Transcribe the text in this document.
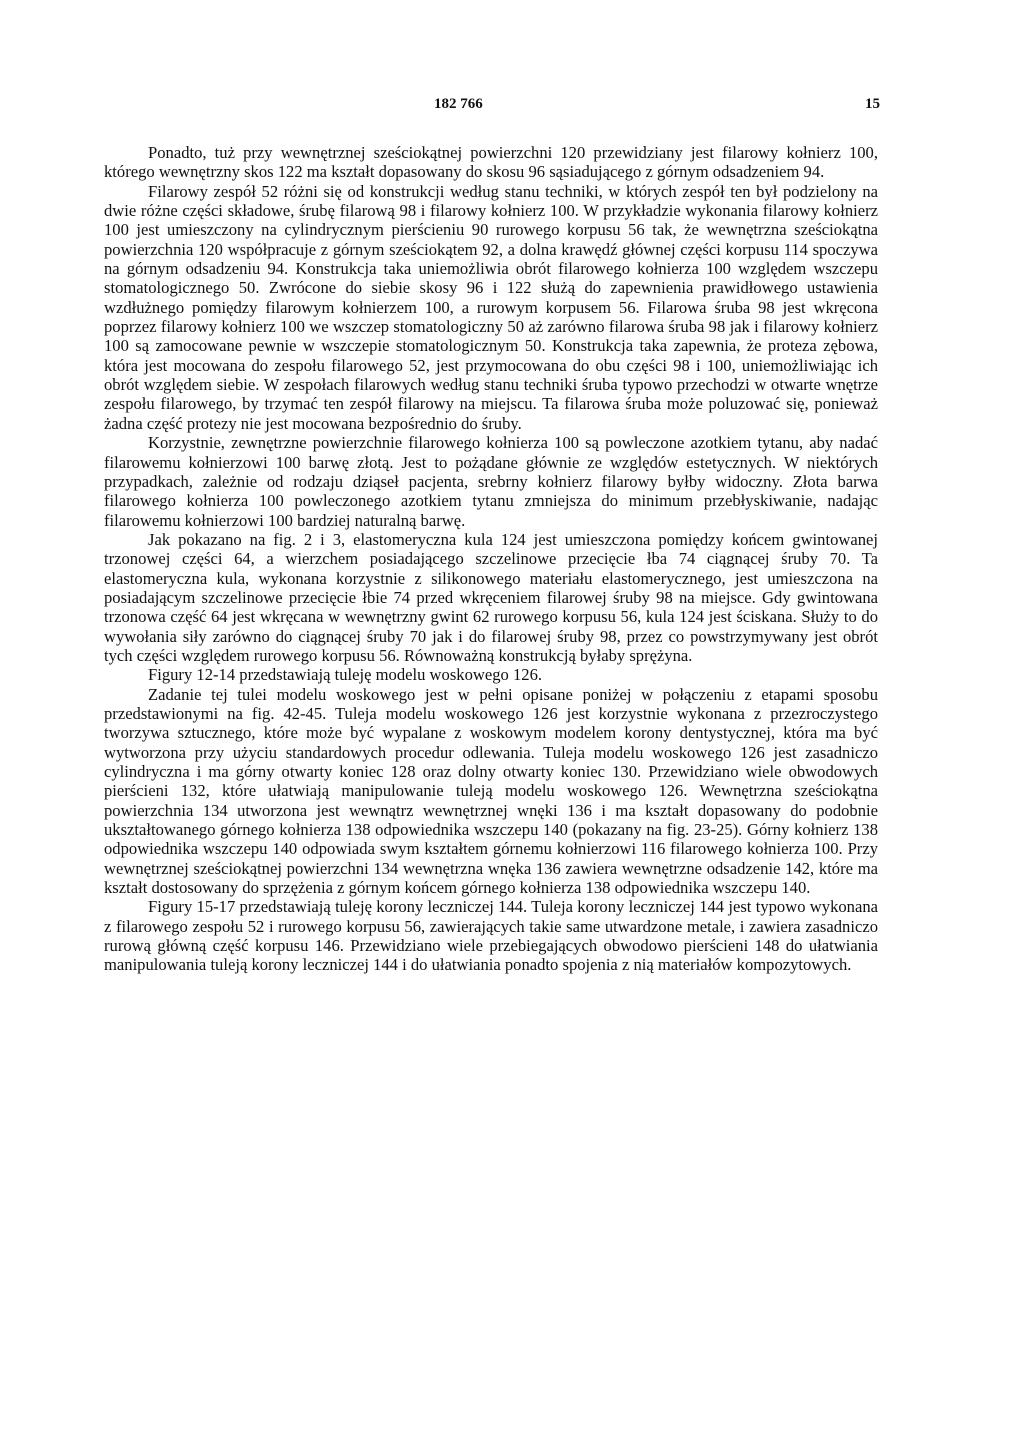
182 766	15

Ponadto, tuż przy wewnętrznej sześciokątnej powierzchni 120 przewidziany jest filarowy kołnierz 100, którego wewnętrzny skos 122 ma kształt dopasowany do skosu 96 sąsiadującego z górnym odsadzeniem 94.

Filarowy zespół 52 różni się od konstrukcji według stanu techniki, w których zespół ten był podzielony na dwie różne części składowe, śrubę filarową 98 i filarowy kołnierz 100. W przykładzie wykonania filarowy kołnierz 100 jest umieszczony na cylindrycznym pierścieniu 90 rurowego korpusu 56 tak, że wewnętrzna sześciokątna powierzchnia 120 współpracuje z górnym sześciokątem 92, a dolna krawędź głównej części korpusu 114 spoczywa na górnym odsadzeniu 94. Konstrukcja taka uniemożliwia obrót filarowego kołnierza 100 względem wszczepu stomatologicznego 50. Zwrócone do siebie skosy 96 i 122 służą do zapewnienia prawidłowego ustawienia wzdłużnego pomiędzy filarowym kołnierzem 100, a rurowym korpusem 56. Filarowa śruba 98 jest wkręcona poprzez filarowy kołnierz 100 we wszczep stomatologiczny 50 aż zarówno filarowa śruba 98 jak i filarowy kołnierz 100 są zamocowane pewnie w wszczepie stomatologicznym 50. Konstrukcja taka zapewnia, że proteza zębowa, która jest mocowana do zespołu filarowego 52, jest przymocowana do obu części 98 i 100, uniemożliwiając ich obrót względem siebie. W zespołach filarowych według stanu techniki śruba typowo przechodzi w otwarte wnętrze zespołu filarowego, by trzymać ten zespół filarowy na miejscu. Ta filarowa śruba może poluzować się, ponieważ żadna część protezy nie jest mocowana bezpośrednio do śruby.

Korzystnie, zewnętrzne powierzchnie filarowego kołnierza 100 są powleczone azotkiem tytanu, aby nadać filarowemu kołnierzowi 100 barwę złotą. Jest to pożądane głównie ze względów estetycznych. W niektórych przypadkach, zależnie od rodzaju dziąseł pacjenta, srebrny kołnierz filarowy byłby widoczny. Złota barwa filarowego kołnierza 100 powleczonego azotkiem tytanu zmniejsza do minimum przebłyskiwanie, nadając filarowemu kołnierzowi 100 bardziej naturalną barwę.

Jak pokazano na fig. 2 i 3, elastomeryczna kula 124 jest umieszczona pomiędzy końcem gwintowanej trzonowej części 64, a wierzchem posiadającego szczelinowe przecięcie łba 74 ciągnącej śruby 70. Ta elastomeryczna kula, wykonana korzystnie z silikonowego materiału elastomerycznego, jest umieszczona na posiadającym szczelinowe przecięcie łbie 74 przed wkręceniem filarowej śruby 98 na miejsce. Gdy gwintowana trzonowa część 64 jest wkręcana w wewnętrzny gwint 62 rurowego korpusu 56, kula 124 jest ściskana. Służy to do wywołania siły zarówno do ciągnącej śruby 70 jak i do filarowej śruby 98, przez co powstrzymywany jest obrót tych części względem rurowego korpusu 56. Równoważną konstrukcją byłaby sprężyna.

Figury 12-14 przedstawiają tuleję modelu woskowego 126.

Zadanie tej tulei modelu woskowego jest w pełni opisane poniżej w połączeniu z etapami sposobu przedstawionymi na fig. 42-45. Tuleja modelu woskowego 126 jest korzystnie wykonana z przezroczystego tworzywa sztucznego, które może być wypalane z woskowym modelem korony dentystycznej, która ma być wytworzona przy użyciu standardowych procedur odlewania. Tuleja modelu woskowego 126 jest zasadniczo cylindryczna i ma górny otwarty koniec 128 oraz dolny otwarty koniec 130. Przewidziano wiele obwodowych pierścieni 132, które ułatwiają manipulowanie tuleją modelu woskowego 126. Wewnętrzna sześciokątna powierzchnia 134 utworzona jest wewnątrz wewnętrznej wnęki 136 i ma kształt dopasowany do podobnie ukształtowanego górnego kołnierza 138 odpowiednika wszczepu 140 (pokazany na fig. 23-25). Górny kołnierz 138 odpowiednika wszczepu 140 odpowiada swym kształtem górnemu kołnierzowi 116 filarowego kołnierza 100. Przy wewnętrznej sześciokątnej powierzchni 134 wewnętrzna wnęka 136 zawiera wewnętrzne odsadzenie 142, które ma kształt dostosowany do sprzężenia z górnym końcem górnego kołnierza 138 odpowiednika wszczepu 140.

Figury 15-17 przedstawiają tuleję korony leczniczej 144. Tuleja korony leczniczej 144 jest typowo wykonana z filarowego zespołu 52 i rurowego korpusu 56, zawierających takie same utwardzone metale, i zawiera zasadniczo rurową główną część korpusu 146. Przewidziano wiele przebiegających obwodowo pierścieni 148 do ułatwiania manipulowania tuleją korony leczniczej 144 i do ułatwiania ponadto spojenia z nią materiałów kompozytowych.
